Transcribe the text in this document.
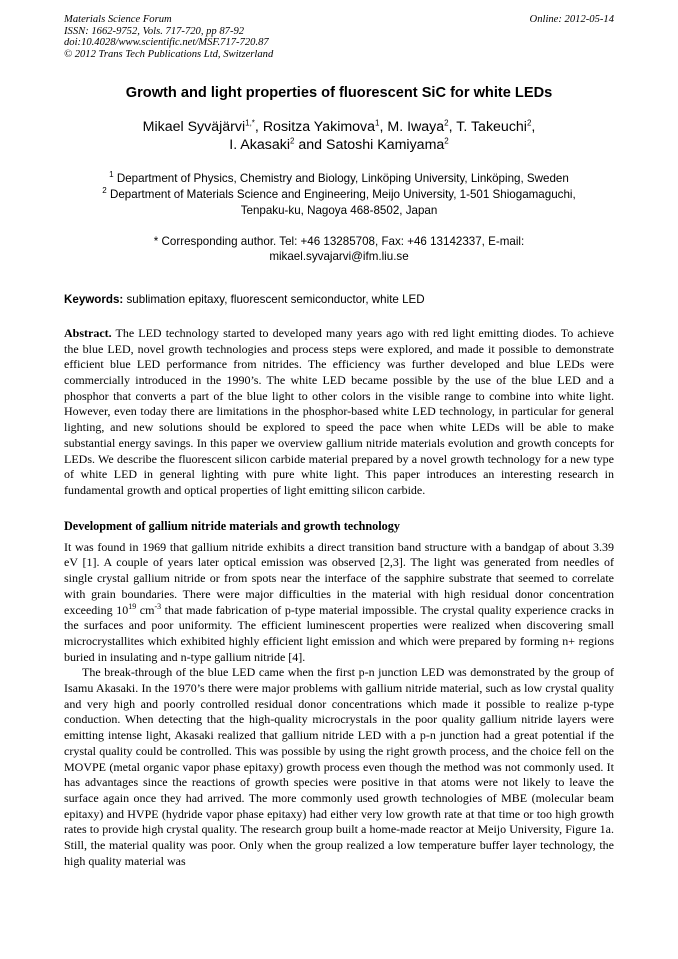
Materials Science Forum
ISSN: 1662-9752, Vols. 717-720, pp 87-92
doi:10.4028/www.scientific.net/MSF.717-720.87
© 2012 Trans Tech Publications Ltd, Switzerland
Online: 2012-05-14
Growth and light properties of fluorescent SiC for white LEDs
Mikael Syväjärvi$^{1,*}$, Rositza Yakimova$^1$, M. Iwaya$^2$, T. Takeuchi$^2$,
I. Akasaki$^2$ and Satoshi Kamiyama$^2$
$^1$ Department of Physics, Chemistry and Biology, Linköping University, Linköping, Sweden
$^2$ Department of Materials Science and Engineering, Meijo University, 1-501 Shiogamaguchi,
Tenpaku-ku, Nagoya 468-8502, Japan
* Corresponding author. Tel: +46 13285708, Fax: +46 13142337, E-mail:
mikael.syvajarvi@ifm.liu.se
Keywords: sublimation epitaxy, fluorescent semiconductor, white LED
Abstract. The LED technology started to developed many years ago with red light emitting diodes. To achieve the blue LED, novel growth technologies and process steps were explored, and made it possible to demonstrate efficient blue LED performance from nitrides. The efficiency was further developed and blue LEDs were commercially introduced in the 1990’s. The white LED became possible by the use of the blue LED and a phosphor that converts a part of the blue light to other colors in the visible range to combine into white light. However, even today there are limitations in the phosphor-based white LED technology, in particular for general lighting, and new solutions should be explored to speed the pace when white LEDs will be able to make substantial energy savings. In this paper we overview gallium nitride materials evolution and growth concepts for LEDs. We describe the fluorescent silicon carbide material prepared by a novel growth technology for a new type of white LED in general lighting with pure white light. This paper introduces an interesting research in fundamental growth and optical properties of light emitting silicon carbide.
Development of gallium nitride materials and growth technology
It was found in 1969 that gallium nitride exhibits a direct transition band structure with a bandgap of about 3.39 eV [1]. A couple of years later optical emission was observed [2,3]. The light was generated from needles of single crystal gallium nitride or from spots near the interface of the sapphire substrate that seemed to correlate with grain boundaries. There were major difficulties in the material with high residual donor concentration exceeding $10^{19}$ $cm^{-3}$ that made fabrication of p-type material impossible. The crystal quality experience cracks in the surfaces and poor uniformity. The efficient luminescent properties were realized when discovering small microcrystallites which exhibited highly efficient light emission and which were prepared by forming n+ regions buried in insulating and n-type gallium nitride [4].
The break-through of the blue LED came when the first p-n junction LED was demonstrated by the group of Isamu Akasaki. In the 1970’s there were major problems with gallium nitride material, such as low crystal quality and very high and poorly controlled residual donor concentrations which made it possible to realize p-type conduction. When detecting that the high-quality microcrystals in the poor quality gallium nitride layers were emitting intense light, Akasaki realized that gallium nitride LED with a p-n junction had a great potential if the crystal quality could be controlled. This was possible by using the right growth process, and the choice fell on the MOVPE (metal organic vapor phase epitaxy) growth process even though the method was not commonly used. It has advantages since the reactions of growth species were positive in that atoms were not likely to leave the surface again once they had arrived. The more commonly used growth technologies of MBE (molecular beam epitaxy) and HVPE (hydride vapor phase epitaxy) had either very low growth rate at that time or too high growth rates to provide high crystal quality. The research group built a home-made reactor at Meijo University, Figure 1a. Still, the material quality was poor. Only when the group realized a low temperature buffer layer technology, the high quality material was
